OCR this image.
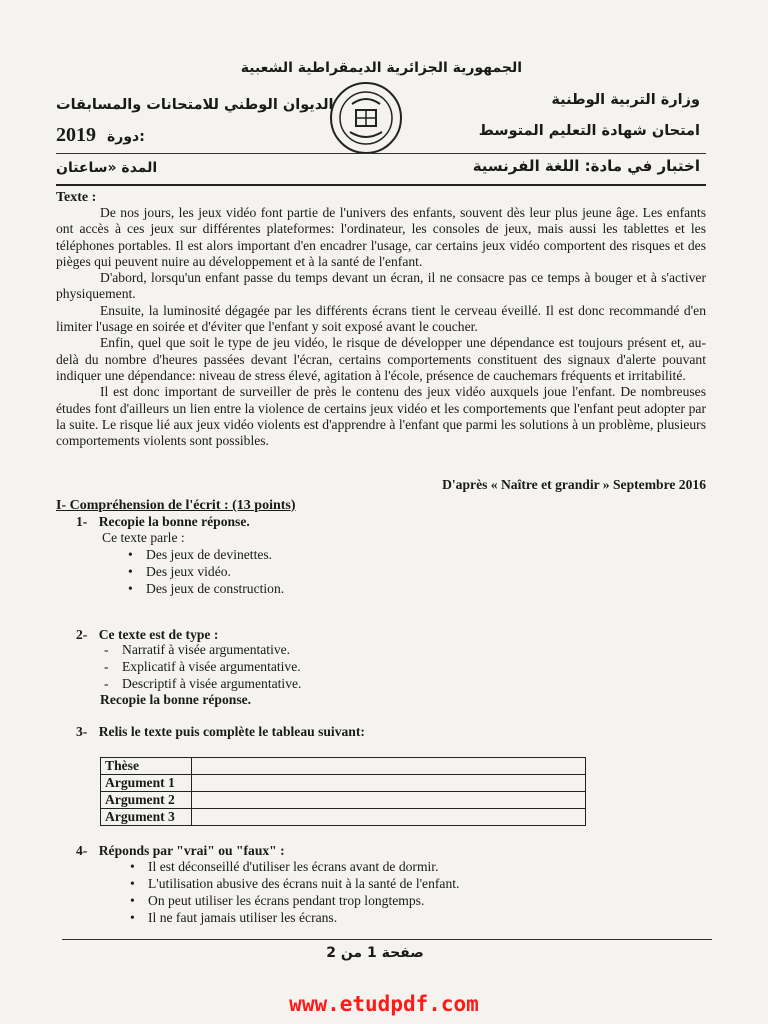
الجمهورية الجزائرية الديمقراطية الشعبية
وزارة التربية الوطنية
الديوان الوطني للامتحانات والمسابقات
امتحان شهادة التعليم المتوسط
2019 دورة:
اختبار في مادة: اللغة الفرنسية
المدة «ساعتان
Texte :

De nos jours, les jeux vidéo font partie de l'univers des enfants, souvent dès leur plus jeune âge. Les enfants ont accès à ces jeux sur différentes plateformes: l'ordinateur, les consoles de jeux, mais aussi les tablettes et les téléphones portables. Il est alors important d'en encadrer l'usage, car certains jeux vidéo comportent des risques et des pièges qui peuvent nuire au développement et à la santé de l'enfant.

D'abord, lorsqu'un enfant passe du temps devant un écran, il ne consacre pas ce temps à bouger et à s'activer physiquement.

Ensuite, la luminosité dégagée par les différents écrans tient le cerveau éveillé. Il est donc recommandé d'en limiter l'usage en soirée et d'éviter que l'enfant y soit exposé avant le coucher.

Enfin, quel que soit le type de jeu vidéo, le risque de développer une dépendance est toujours présent et, au-delà du nombre d'heures passées devant l'écran, certains comportements constituent des signaux d'alerte pouvant indiquer une dépendance: niveau de stress élevé, agitation à l'école, présence de cauchemars fréquents et irritabilité.

Il est donc important de surveiller de près le contenu des jeux vidéo auxquels joue l'enfant. De nombreuses études font d'ailleurs un lien entre la violence de certains jeux vidéo et les comportements que l'enfant peut adopter par la suite. Le risque lié aux jeux vidéo violents est d'apprendre à l'enfant que parmi les solutions à un problème, plusieurs comportements violents sont possibles.

D'après « Naître et grandir » Septembre 2016
I- Compréhension de l'écrit : (13 points)
1- Recopie la bonne réponse.
Ce texte parle :
• Des jeux de devinettes.
• Des jeux vidéo.
• Des jeux de construction.
2- Ce texte est de type :
- Narratif à visée argumentative.
- Explicatif à visée argumentative.
- Descriptif à visée argumentative.
Recopie la bonne réponse.
3- Relis le texte puis complète le tableau suivant:
Thèse	
Argument 1	
Argument 2	
Argument 3	
4- Réponds par "vrai" ou "faux" :
• Il est déconseillé d'utiliser les écrans avant de dormir.
• L'utilisation abusive des écrans nuit à la santé de l'enfant.
• On peut utiliser les écrans pendant trop longtemps.
• Il ne faut jamais utiliser les écrans.
صفحة 1 من 2
www.etudpdf.com
